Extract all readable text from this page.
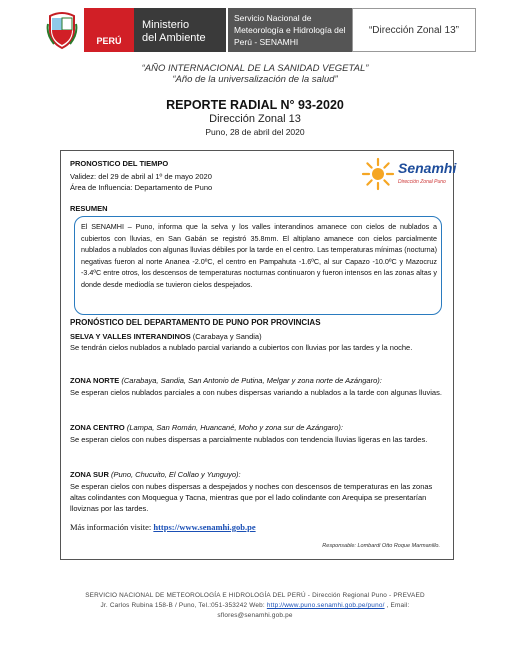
PERÚ
Ministerio
del Ambiente
Servicio Nacional de
Meteorología e Hidrología del
Perú - SENAMHI
“Dirección Zonal 13”
“AÑO INTERNACIONAL DE LA SANIDAD VEGETAL”
“Año de la universalización de la salud”
REPORTE RADIAL N° 93-2020
Dirección Zonal 13
Puno, 28 de abril del 2020
Senamhi
Dirección Zonal Puno
PRONOSTICO DEL TIEMPO
Validez: del 29 de abril al 1º de mayo 2020
Área de Influencia: Departamento de Puno
RESUMEN
El SENAMHI – Puno, informa que la selva y los valles interandinos amanece con cielos de nublados a cubiertos con lluvias, en San Gabán se registró 35.8mm. El altiplano amanece con cielos parcialmente nublados a nublados con algunas lluvias débiles por la tarde en el centro. Las temperaturas mínimas (nocturna) negativas fueron al norte Ananea -2.0ºC, el centro en Pampahuta -1.6ºC, al sur Capazo -10.0ºC y Mazocruz -3.4ºC entre otros, los descensos de temperaturas nocturnas continuaron y fueron intensos en las zonas altas y donde desde mediodía se tuvieron cielos despejados.
PRONÓSTICO DEL DEPARTAMENTO DE PUNO POR PROVINCIAS
SELVA Y VALLES INTERANDINOS (Carabaya y Sandia)
Se tendrán cielos nublados a nublado parcial variando a cubiertos con lluvias por las tardes y la noche.
ZONA NORTE (Carabaya, Sandia, San Antonio de Putina, Melgar y zona norte de Azángaro):
Se esperan cielos nublados parciales a con nubes dispersas variando a nublados a la tarde con algunas lluvias.
ZONA CENTRO (Lampa, San Román, Huancané, Moho y zona sur de Azángaro):
Se esperan cielos con nubes dispersas a parcialmente nublados con tendencia lluvias ligeras en las tardes.
ZONA SUR (Puno, Chucuito, El Collao y Yunguyo):
Se esperan cielos con nubes dispersas a despejados y noches con descensos de temperaturas en las zonas altas colindantes con Moquegua y Tacna, mientras que por el lado colindante con Arequipa se presentarían lloviznas por las tardes.
Más información visite: https://www.senamhi.gob.pe
Responsable: Lombardi Otto Roque Marmanillo.
SERVICIO NACIONAL DE METEOROLOGÍA E HIDROLOGÍA DEL PERÚ - Dirección Regional Puno - PREVAED
Jr. Carlos Rubina 158-B / Puno, Tel.:051-353242 Web: http://www.puno.senamhi.gob.pe/puno/ , Email:
sflores@senamhi.gob.pe
